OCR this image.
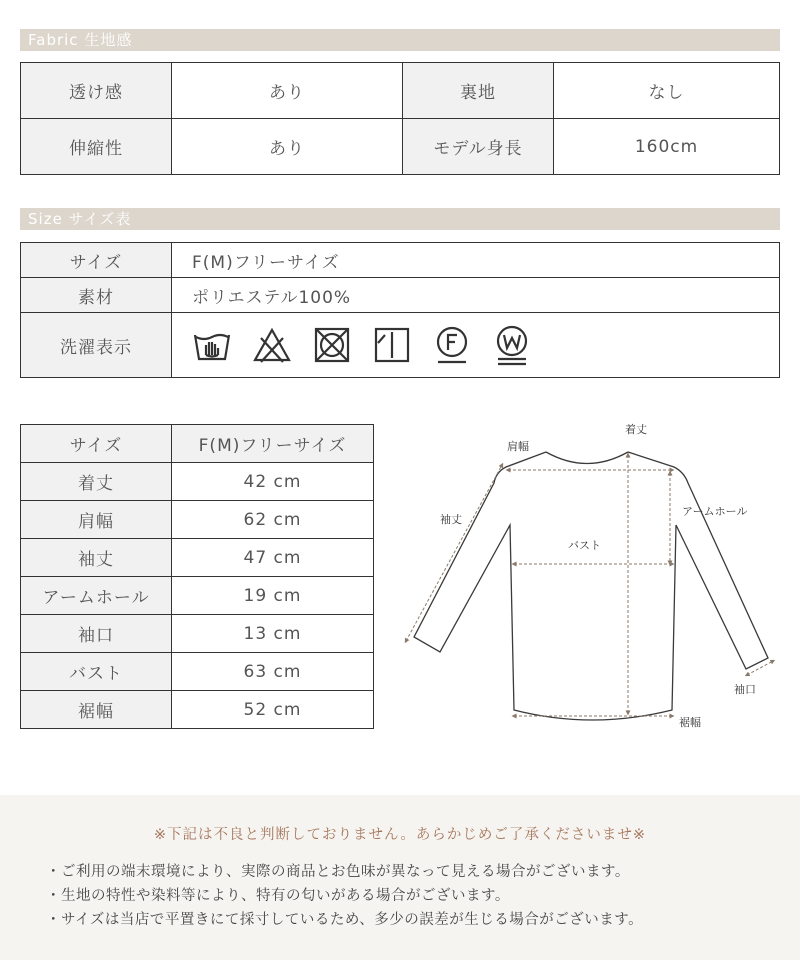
Fabric 生地感
透け感	あり	裏地	なし
伸縮性	あり	モデル身長	160cm
Size サイズ表
サイズ	F(M)フリーサイズ
素材	ポリエステル100%
洗濯表示	
サイズ	F(M)フリーサイズ
着丈	42 cm
肩幅	62 cm
袖丈	47 cm
アームホール	19 cm
袖口	13 cm
バスト	63 cm
裾幅	52 cm
着丈
肩幅
袖丈
アームホール
バスト
袖口
裾幅
※下記は不良と判断しておりません。あらかじめご了承くださいませ※
・ご利用の端末環境により、実際の商品とお色味が異なって見える場合がございます。
・生地の特性や染料等により、特有の匂いがある場合がございます。
・サイズは当店で平置きにて採寸しているため、多少の誤差が生じる場合がございます。
